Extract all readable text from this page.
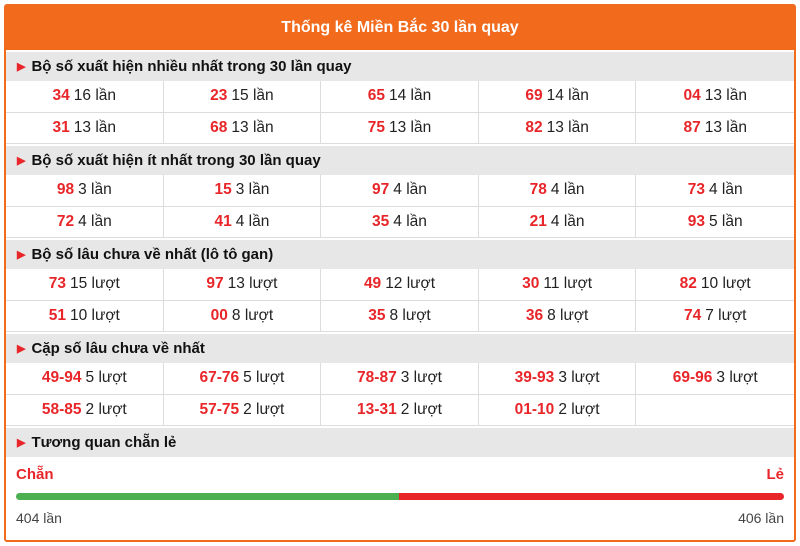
Thống kê Miền Bắc 30 lần quay
▶ Bộ số xuất hiện nhiều nhất trong 30 lần quay
34 16 lần	23 15 lần	65 14 lần	69 14 lần	04 13 lần
31 13 lần	68 13 lần	75 13 lần	82 13 lần	87 13 lần
▶ Bộ số xuất hiện ít nhất trong 30 lần quay
98 3 lần	15 3 lần	97 4 lần	78 4 lần	73 4 lần
72 4 lần	41 4 lần	35 4 lần	21 4 lần	93 5 lần
▶ Bộ số lâu chưa về nhất (lô tô gan)
73 15 lượt	97 13 lượt	49 12 lượt	30 11 lượt	82 10 lượt
51 10 lượt	00 8 lượt	35 8 lượt	36 8 lượt	74 7 lượt
▶ Cặp số lâu chưa về nhất
49-94 5 lượt	67-76 5 lượt	78-87 3 lượt	39-93 3 lượt	69-96 3 lượt
58-85 2 lượt	57-75 2 lượt	13-31 2 lượt	01-10 2 lượt
▶ Tương quan chẵn lẻ
Chẵn	Lẻ
404 lần	406 lần
